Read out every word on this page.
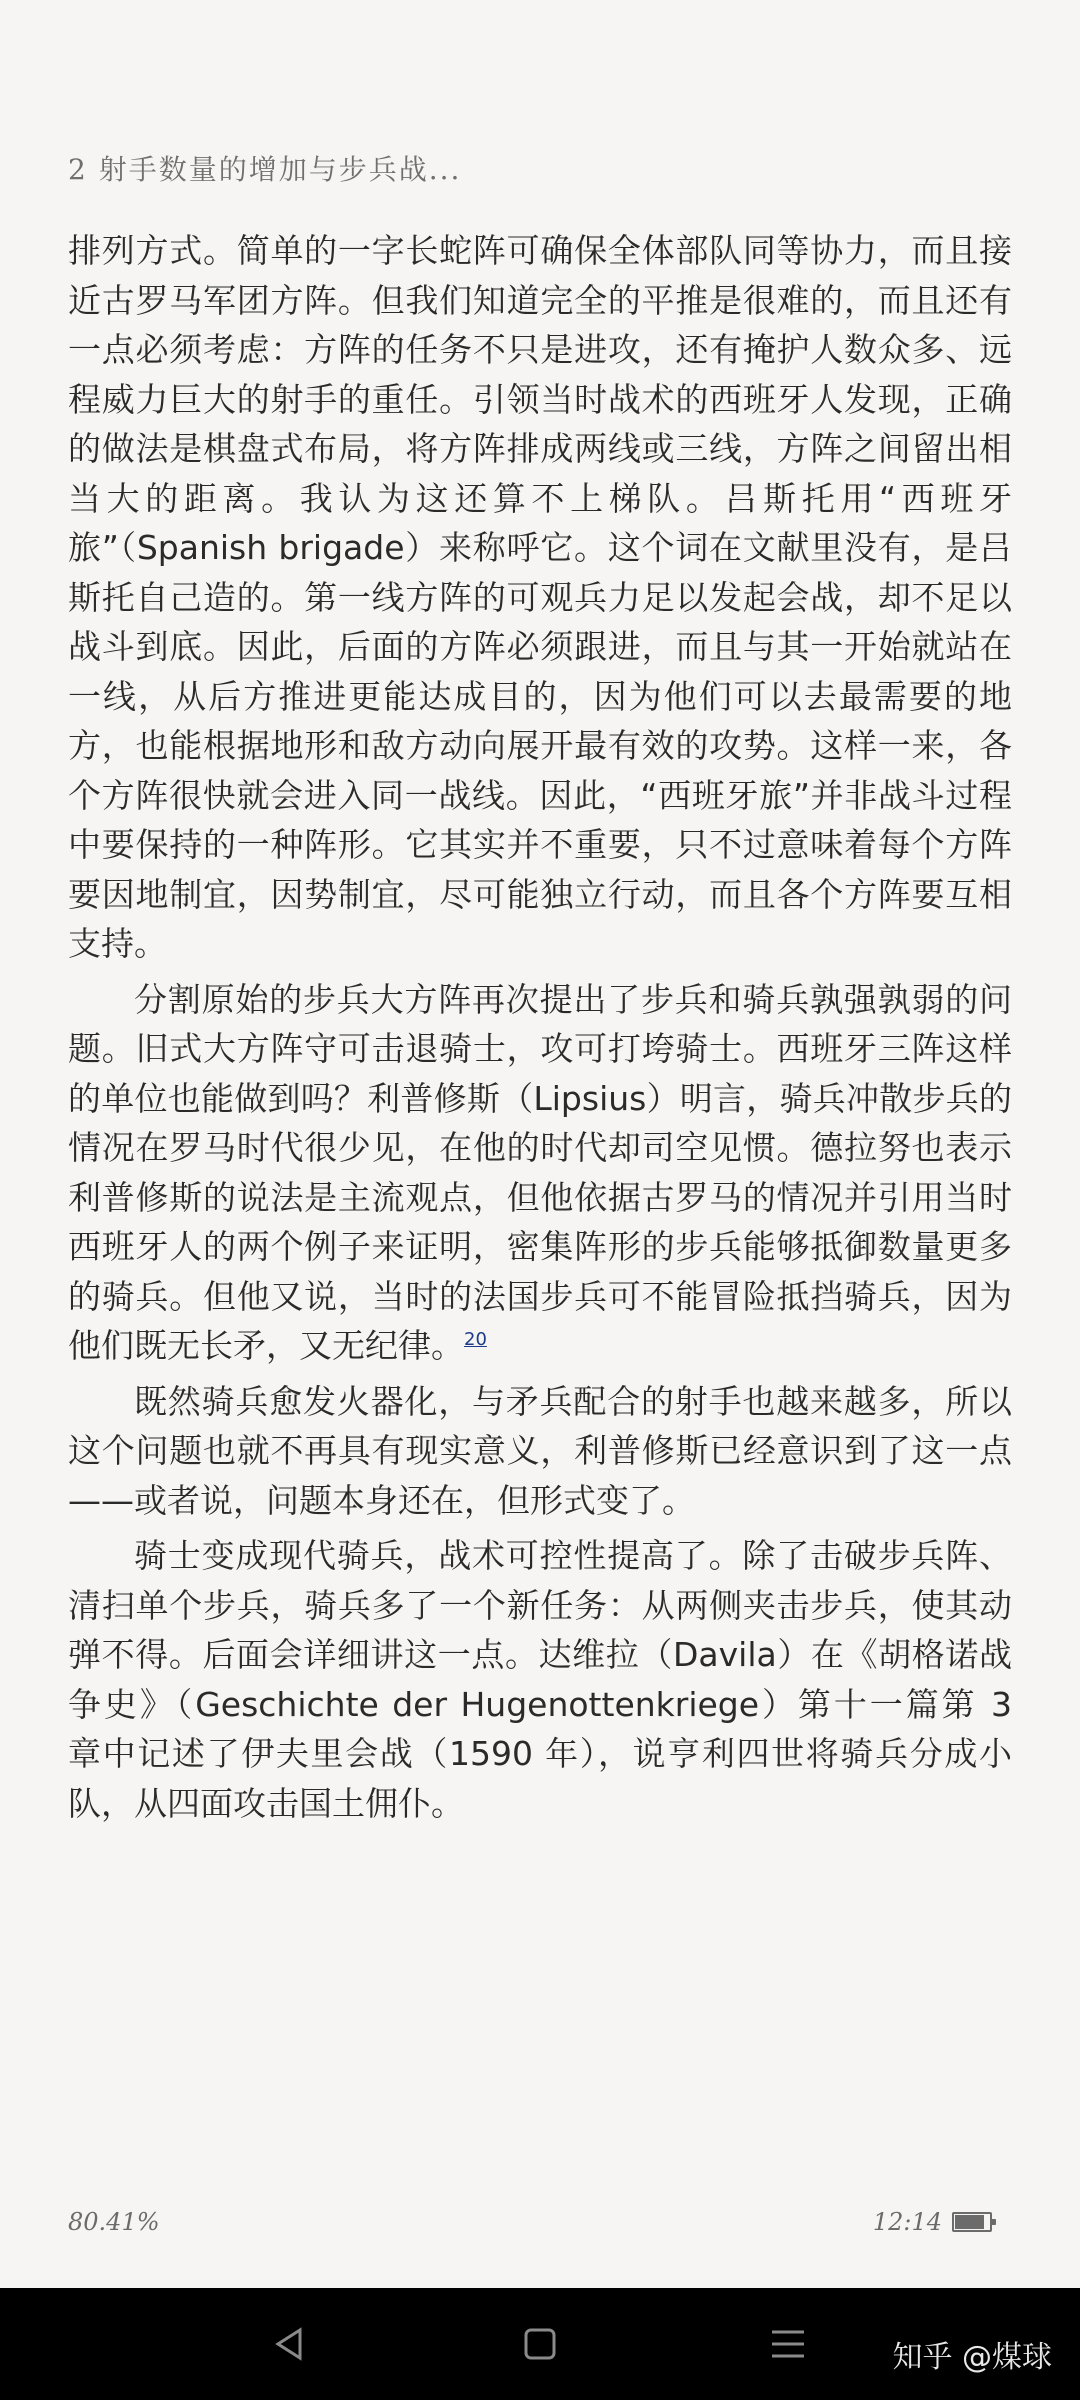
2 射手数量的增加与步兵战...

排列方式。简单的一字长蛇阵可确保全体部队同等协力，而且接近古罗马军团方阵。但我们知道完全的平推是很难的，而且还有一点必须考虑：方阵的任务不只是进攻，还有掩护人数众多、远程威力巨大的射手的重任。引领当时战术的西班牙人发现，正确的做法是棋盘式布局，将方阵排成两线或三线，方阵之间留出相当大的距离。我认为这还算不上梯队。吕斯托用“西班牙旅”（Spanish brigade）来称呼它。这个词在文献里没有，是吕斯托自己造的。第一线方阵的可观兵力足以发起会战，却不足以战斗到底。因此，后面的方阵必须跟进，而且与其一开始就站在一线，从后方推进更能达成目的，因为他们可以去最需要的地方，也能根据地形和敌方动向展开最有效的攻势。这样一来，各个方阵很快就会进入同一战线。因此，“西班牙旅”并非战斗过程中要保持的一种阵形。它其实并不重要，只不过意味着每个方阵要因地制宜，因势制宜，尽可能独立行动，而且各个方阵要互相支持。

分割原始的步兵大方阵再次提出了步兵和骑兵孰强孰弱的问题。旧式大方阵守可击退骑士，攻可打垮骑士。西班牙三阵这样的单位也能做到吗？利普修斯（Lipsius）明言，骑兵冲散步兵的情况在罗马时代很少见，在他的时代却司空见惯。德拉努也表示利普修斯的说法是主流观点，但他依据古罗马的情况并引用当时西班牙人的两个例子来证明，密集阵形的步兵能够抵御数量更多的骑兵。但他又说，当时的法国步兵可不能冒险抵挡骑兵，因为他们既无长矛，又无纪律。$^{20}$

既然骑兵愈发火器化，与矛兵配合的射手也越来越多，所以这个问题也就不再具有现实意义，利普修斯已经意识到了这一点——或者说，问题本身还在，但形式变了。

骑士变成现代骑兵，战术可控性提高了。除了击破步兵阵、清扫单个步兵，骑兵多了一个新任务：从两侧夹击步兵，使其动弹不得。后面会详细讲这一点。达维拉（Davila）在《胡格诺战争史》（Geschichte der Hugenottenkriege）第十一篇第 3 章中记述了伊夫里会战（1590 年），说亨利四世将骑兵分成小队，从四面攻击国土佣仆。

80.41%	12:14
知乎 @煤球
